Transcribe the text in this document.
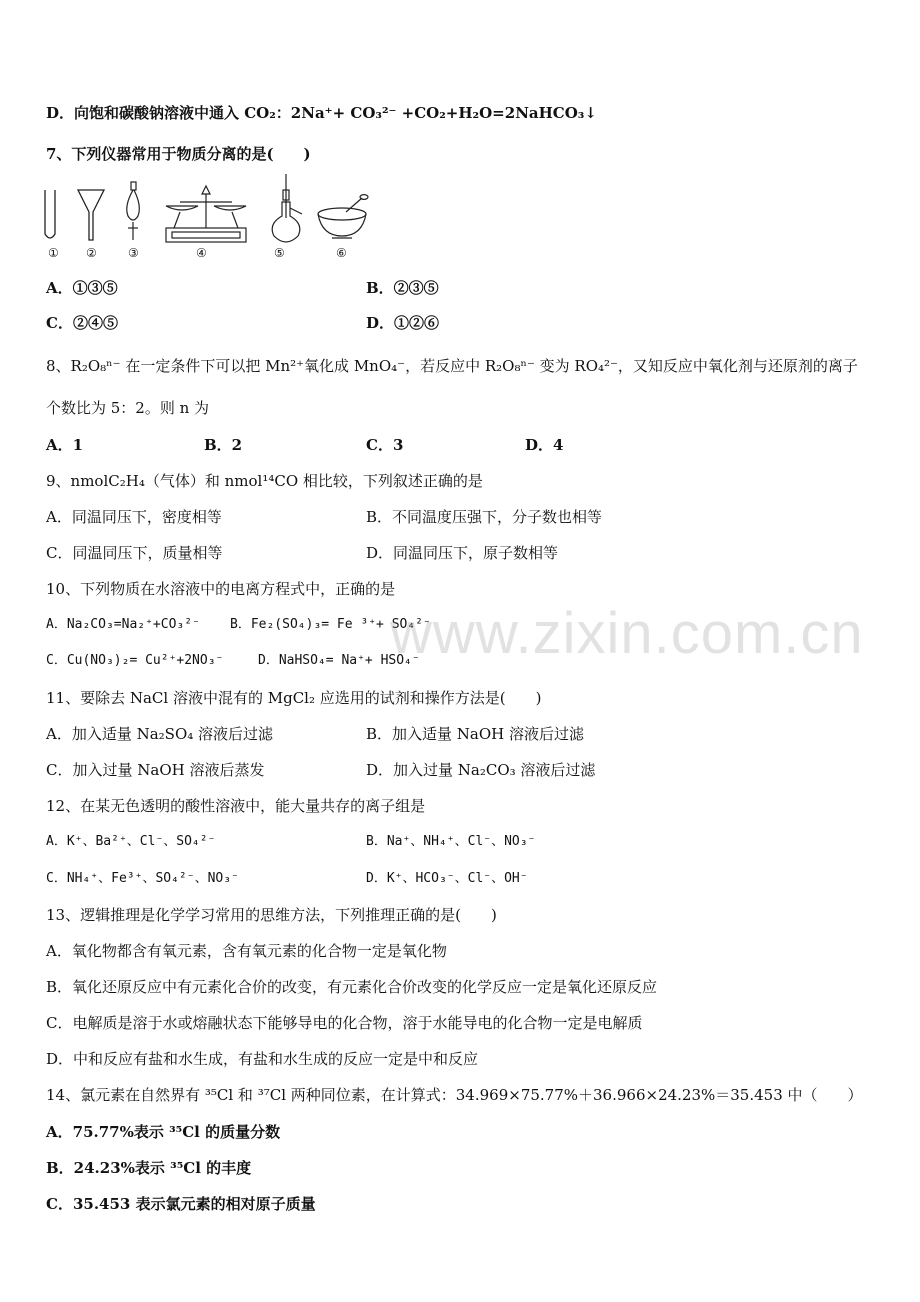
D．向饱和碳酸钠溶液中通入 CO₂：2Na⁺+ CO₃²⁻ +CO₂+H₂O=2NaHCO₃↓
7、下列仪器常用于物质分离的是(　　)
① ②	③	④	⑤	⑥
A．①③⑤	B．②③⑤
C．②④⑤	D．①②⑥
8、R₂O₈ⁿ⁻ 在一定条件下可以把 Mn²⁺氧化成 MnO₄⁻，若反应中 R₂O₈ⁿ⁻ 变为 RO₄²⁻，又知反应中氧化剂与还原剂的离子
个数比为 5：2。则 n 为
A．1	B．2	C．3	D．4
9、nmolC₂H₄（气体）和 nmol¹⁴CO 相比较，下列叙述正确的是
A．同温同压下，密度相等	B．不同温度压强下，分子数也相等
C．同温同压下，质量相等	D．同温同压下，原子数相等
10、下列物质在水溶液中的电离方程式中，正确的是
A．Na₂CO₃=Na₂⁺+CO₃²⁻ B．Fe₂(SO₄)₃= Fe ³⁺+ SO₄²⁻
C．Cu(NO₃)₂= Cu²⁺+2NO₃⁻	D．NaHSO₄= Na⁺+ HSO₄⁻
11、要除去 NaCl 溶液中混有的 MgCl₂ 应选用的试剂和操作方法是(　　)
A．加入适量 Na₂SO₄ 溶液后过滤	B．加入适量 NaOH 溶液后过滤
C．加入过量 NaOH 溶液后蒸发	D．加入过量 Na₂CO₃ 溶液后过滤
12、在某无色透明的酸性溶液中，能大量共存的离子组是
A．K⁺、Ba²⁺、Cl⁻、SO₄²⁻	B．Na⁺、NH₄⁺、Cl⁻、NO₃⁻
C．NH₄⁺、Fe³⁺、SO₄²⁻、NO₃⁻	D．K⁺、HCO₃⁻、Cl⁻、OH⁻
13、逻辑推理是化学学习常用的思维方法，下列推理正确的是(　　)
A．氧化物都含有氧元素，含有氧元素的化合物一定是氧化物
B．氧化还原反应中有元素化合价的改变，有元素化合价改变的化学反应一定是氧化还原反应
C．电解质是溶于水或熔融状态下能够导电的化合物，溶于水能导电的化合物一定是电解质
D．中和反应有盐和水生成，有盐和水生成的反应一定是中和反应
14、氯元素在自然界有 ³⁵Cl 和 ³⁷Cl 两种同位素，在计算式：34.969×75.77%＋36.966×24.23%＝35.453 中（　　）
A．75.77%表示 ³⁵Cl 的质量分数
B．24.23%表示 ³⁵Cl 的丰度
C．35.453 表示氯元素的相对原子质量
www.zixin.com.cn
